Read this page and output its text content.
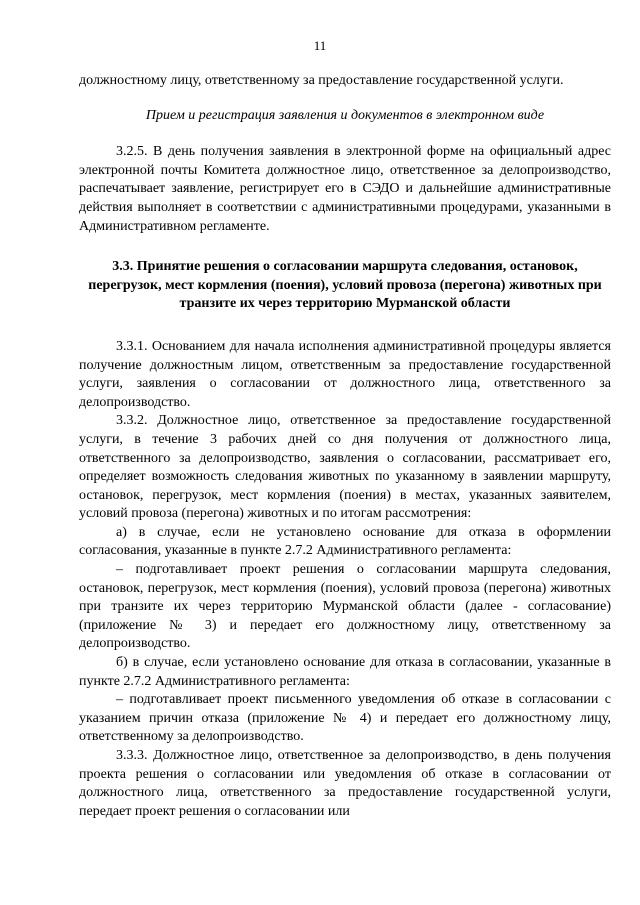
11

должностному лицу, ответственному за предоставление государственной услуги.

Прием и регистрация заявления и документов в электронном виде

3.2.5. В день получения заявления в электронной форме на официальный адрес электронной почты Комитета должностное лицо, ответственное за делопроизводство, распечатывает заявление, регистрирует его в СЭДО и дальнейшие административные действия выполняет в соответствии с административными процедурами, указанными в Административном регламенте.

3.3. Принятие решения о согласовании маршрута следования, остановок, перегрузок, мест кормления (поения), условий провоза (перегона) животных при транзите их через территорию Мурманской области

3.3.1. Основанием для начала исполнения административной процедуры является получение должностным лицом, ответственным за предоставление государственной услуги, заявления о согласовании от должностного лица, ответственного за делопроизводство.

3.3.2. Должностное лицо, ответственное за предоставление государственной услуги, в течение 3 рабочих дней со дня получения от должностного лица, ответственного за делопроизводство, заявления о согласовании, рассматривает его, определяет возможность следования животных по указанному в заявлении маршруту, остановок, перегрузок, мест кормления (поения) в местах, указанных заявителем, условий провоза (перегона) животных и по итогам рассмотрения:

а) в случае, если не установлено основание для отказа в оформлении согласования, указанные в пункте 2.7.2 Административного регламента:

– подготавливает проект решения о согласовании маршрута следования, остановок, перегрузок, мест кормления (поения), условий провоза (перегона) животных при транзите их через территорию Мурманской области (далее - согласование) (приложение № 3) и передает его должностному лицу, ответственному за делопроизводство.

б) в случае, если установлено основание для отказа в согласовании, указанные в пункте 2.7.2 Административного регламента:

– подготавливает проект письменного уведомления об отказе в согласовании с указанием причин отказа (приложение № 4) и передает его должностному лицу, ответственному за делопроизводство.

3.3.3. Должностное лицо, ответственное за делопроизводство, в день получения проекта решения о согласовании или уведомления об отказе в согласовании от должностного лица, ответственного за предоставление государственной услуги, передает проект решения о согласовании или
